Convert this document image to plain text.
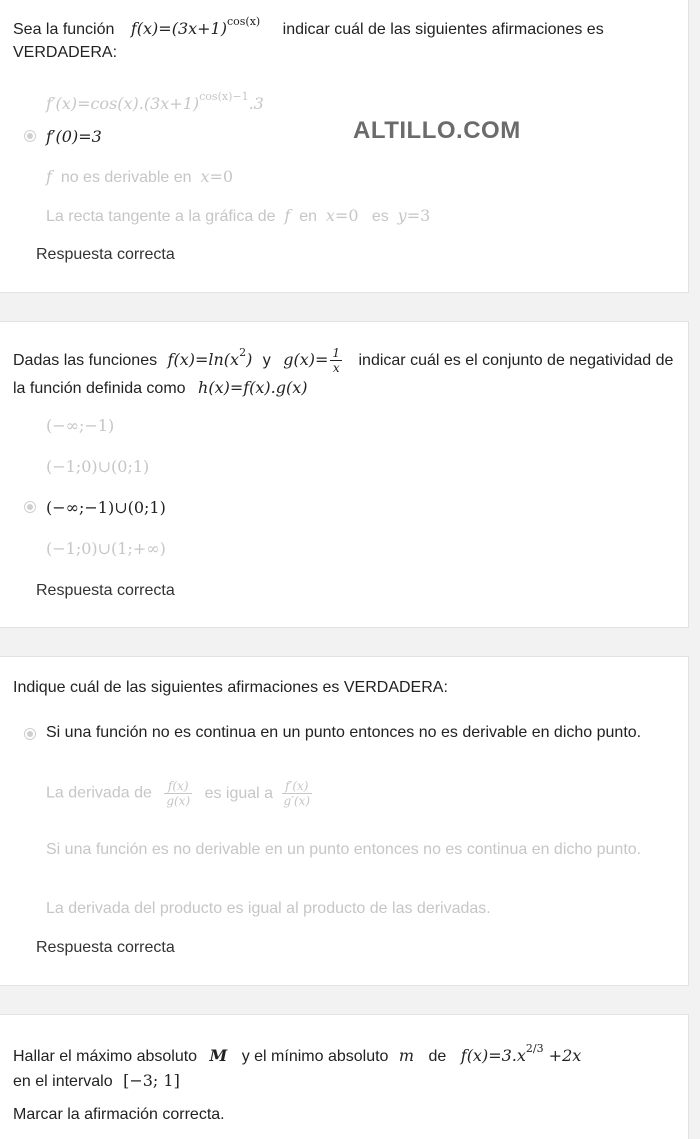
Sea la función $f(x)=(3x+1)^{cos(x)}$ indicar cuál de las siguientes afirmaciones es VERDADERA:
$f'(x)=\cos(x).(3x+1)^{cos(x)-1}.3$
f′(0)=3	ALTILLO.COM
f  no es derivable en  x=0
La recta tangente a la gráfica de  f  en  x=0   es  y=3
Respuesta correcta
Dadas las funciones $f(x)=\ln(x^2)$ y $g(x)= \frac{1}{x}$ indicar cuál es el conjunto de negatividad de la función definida como h(x)=f(x).g(x)
(−∞;−1)
(−1;0)∪(0;1)
(−∞;−1)∪(0;1)
(−1;0)∪(1;+∞)
Respuesta correcta
Indique cuál de las siguientes afirmaciones es VERDADERA:
Si una función no es continua en un punto entonces no es derivable en dicho punto.
La derivada de $\frac{f(x)}{g(x)}$ es igual a $\frac{f'(x)}{g'(x)}$
Si una función es no derivable en un punto entonces no es continua en dicho punto.
La derivada del producto es igual al producto de las derivadas.
Respuesta correcta
Hallar el máximo absoluto M y el mínimo absoluto m de $f(x)=3.x^{2/3} +2x$
en el intervalo [−3; 1]
Marcar la afirmación correcta.
